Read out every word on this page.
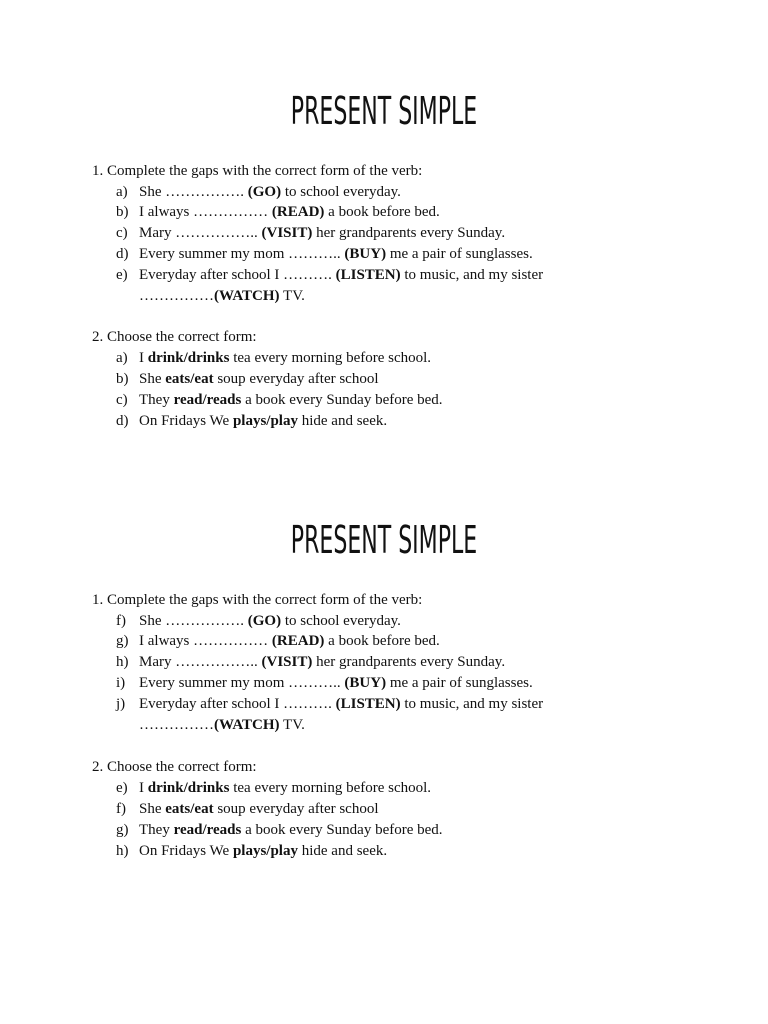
PRESENT SIMPLE
1. Complete the gaps with the correct form of the verb:
a) She ……………. (GO) to school everyday.
b) I always …………… (READ) a book before bed.
c) Mary …………….. (VISIT) her grandparents every Sunday.
d) Every summer my mom ……….. (BUY) me a pair of sunglasses.
e) Everyday after school I ………. (LISTEN) to music, and my sister
……………(WATCH) TV.
2. Choose the correct form:
a) I drink/drinks tea every morning before school.
b) She eats/eat soup everyday after school
c) They read/reads a book every Sunday before bed.
d) On Fridays We plays/play hide and seek.
PRESENT SIMPLE
1. Complete the gaps with the correct form of the verb:
f) She ……………. (GO) to school everyday.
g) I always …………… (READ) a book before bed.
h) Mary …………….. (VISIT) her grandparents every Sunday.
i) Every summer my mom ……….. (BUY) me a pair of sunglasses.
j) Everyday after school I ………. (LISTEN) to music, and my sister
……………(WATCH) TV.
2. Choose the correct form:
e) I drink/drinks tea every morning before school.
f) She eats/eat soup everyday after school
g) They read/reads a book every Sunday before bed.
h) On Fridays We plays/play hide and seek.
